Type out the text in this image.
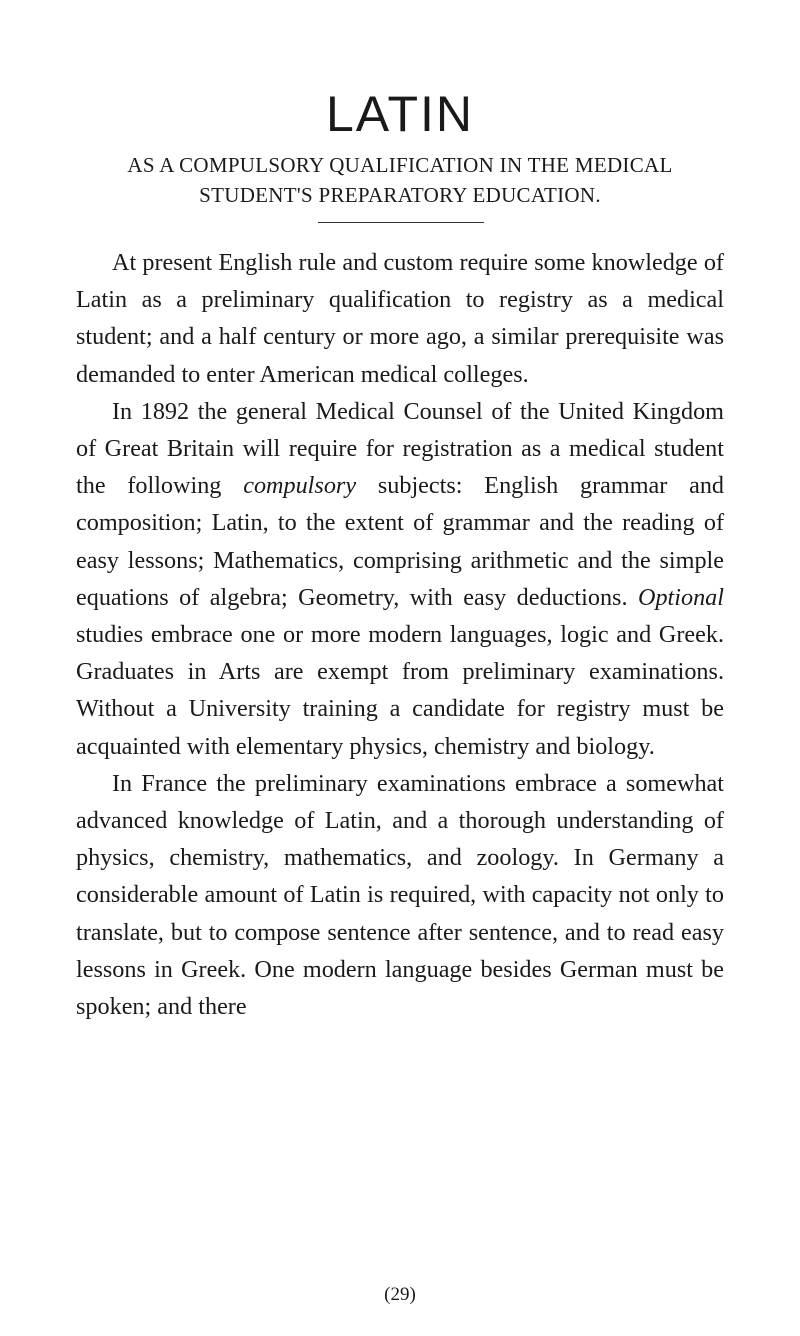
LATIN
AS A COMPULSORY QUALIFICATION IN THE MEDICAL
STUDENT'S PREPARATORY EDUCATION.

At present English rule and custom require some knowledge of Latin as a preliminary qualification to registry as a medical student; and a half century or more ago, a similar prerequisite was demanded to enter American medical colleges.

In 1892 the general Medical Counsel of the United Kingdom of Great Britain will require for registration as a medical student the following compulsory subjects: English grammar and composition; Latin, to the extent of grammar and the reading of easy lessons; Mathematics, comprising arithmetic and the simple equations of algebra; Geometry, with easy deductions. Optional studies embrace one or more modern languages, logic and Greek. Graduates in Arts are exempt from preliminary examinations. Without a University training a candidate for registry must be acquainted with elementary physics, chemistry and biology.

In France the preliminary examinations embrace a somewhat advanced knowledge of Latin, and a thorough understanding of physics, chemistry, mathematics, and zoology. In Germany a considerable amount of Latin is required, with capacity not only to translate, but to compose sentence after sentence, and to read easy lessons in Greek. One modern language besides German must be spoken; and there

(29)
